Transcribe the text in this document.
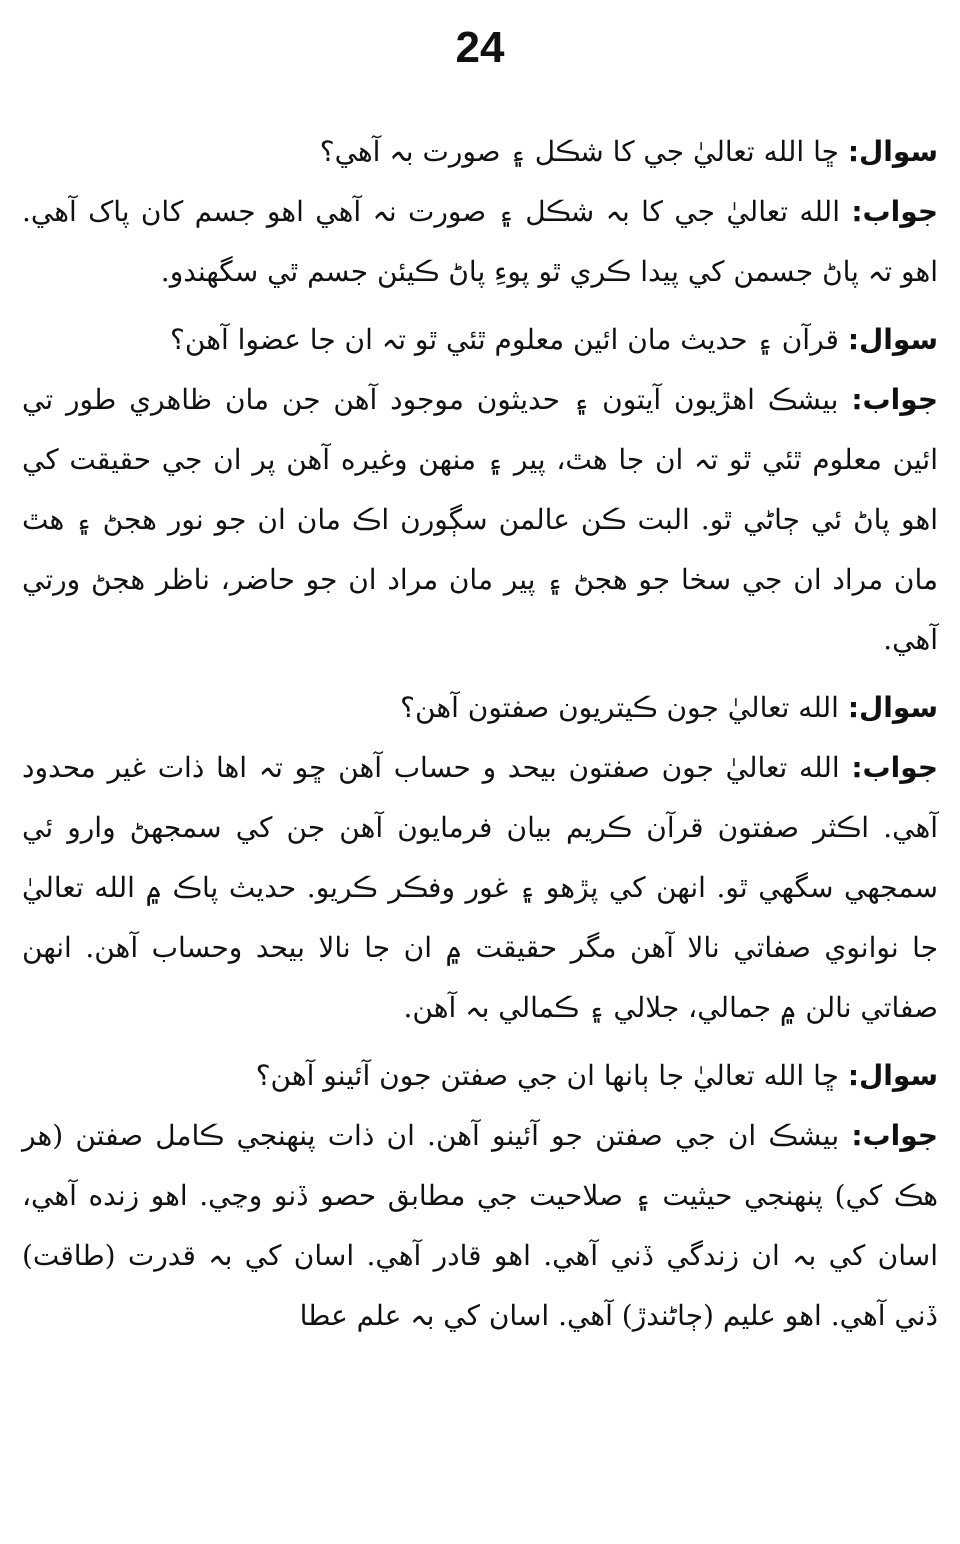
24
سوال: ڇا الله تعاليٰ جي کا شڪل ۽ صورت بہ آهي؟
جواب: الله تعاليٰ جي کا بہ شڪل ۽ صورت نہ آهي اهو جسم کان پاک آهي. اهو تہ پاڻ جسمن کي پيدا ڪري ٿو پوءِ پاڻ ڪيئن جسم ٿي سگهندو.
سوال: قرآن ۽ حديث مان ائين معلوم ٿئي ٿو تہ ان جا عضوا آهن؟
جواب: بيشڪ اهڙيون آيتون ۽ حديثون موجود آهن جن مان ظاهري طور تي ائين معلوم ٿئي ٿو تہ ان جا هٿ، پير ۽ منهن وغيره آهن پر ان جي حقيقت کي اهو پاڻ ئي ڄاڻي ٿو. البت ڪن عالمن سڳورن اڪ مان ان جو نور هجڻ ۽ هٿ مان مراد ان جي سخا جو هجڻ ۽ پير مان مراد ان جو حاضر، ناظر هجڻ ورتي آهي.
سوال: الله تعاليٰ جون ڪيتريون صفتون آهن؟
جواب: الله تعاليٰ جون صفتون بيحد و حساب آهن ڇو تہ اها ذات غير محدود آهي. اڪثر صفتون قرآن ڪريم بيان فرمايون آهن جن کي سمجهڻ وارو ئي سمجهي سگهي ٿو. انهن کي پڙهو ۽ غور وفڪر ڪريو. حديث پاڪ ۾ الله تعاليٰ جا نوانوي صفاتي نالا آهن مگر حقيقت ۾ ان جا نالا بيحد وحساب آهن. انهن صفاتي نالن ۾ جمالي، جلالي ۽ ڪمالي بہ آهن.
سوال: ڇا الله تعاليٰ جا ٻانها ان جي صفتن جون آئينو آهن؟
جواب: بيشڪ ان جي صفتن جو آئينو آهن. ان ذات پنهنجي ڪامل صفتن (هر هڪ کي) پنهنجي حيثيت ۽ صلاحيت جي مطابق حصو ڏنو وڃي. اهو زنده آهي، اسان کي بہ ان زندگي ڏني آهي. اهو قادر آهي. اسان کي بہ قدرت (طاقت) ڏني آهي. اهو عليم (ڄاڻندڙ) آهي. اسان کي بہ علم عطا
